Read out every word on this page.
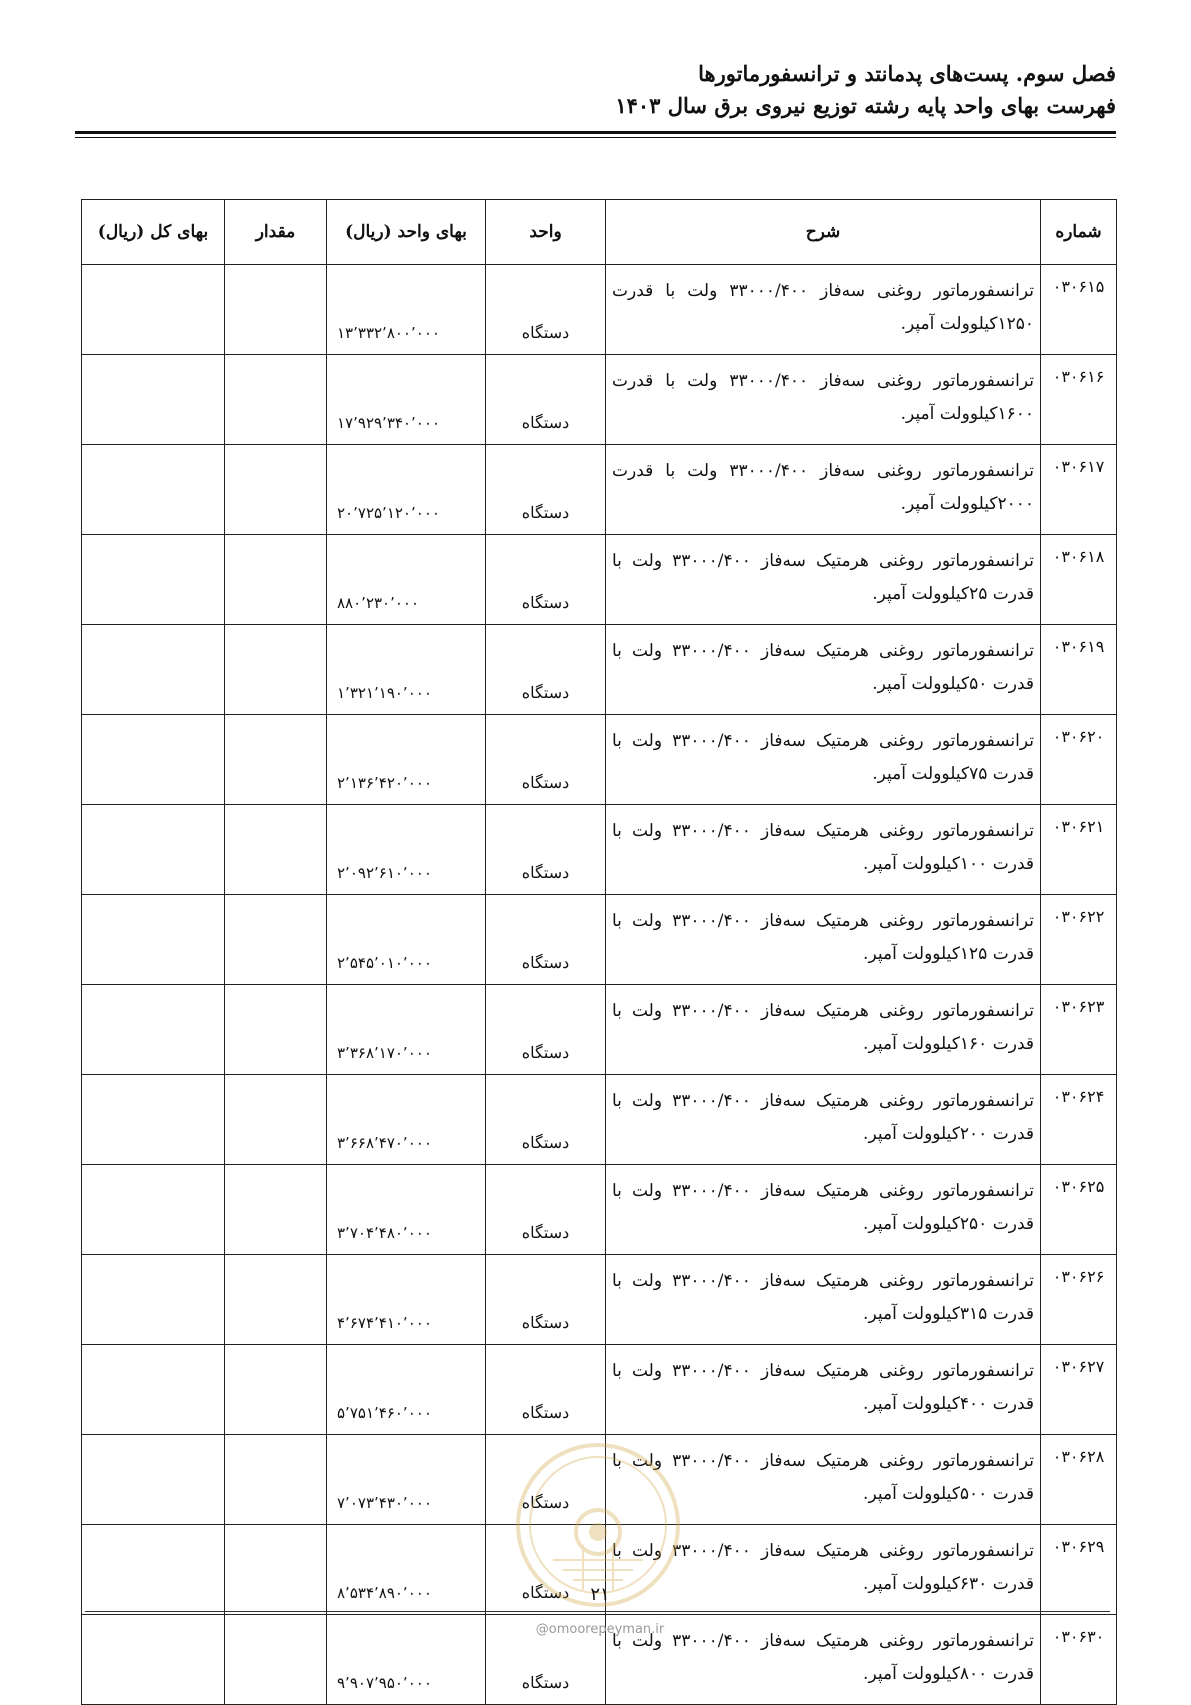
فصل سوم. پست‌های پدمانتد و ترانسفورماتورها
فهرست بهای واحد پایه رشته توزیع نیروی برق سال ۱۴۰۳
شماره	شرح	واحد	بهای واحد (ریال)	مقدار	بهای کل (ریال)
۰۳۰۶۱۵	ترانسفورماتور روغنی سه‌فاز ۳۳۰۰۰/۴۰۰ ولت با قدرت ۱۲۵۰کیلوولت آمپر.	دستگاه	۱۳٬۳۳۲٬۸۰۰٬۰۰۰		
۰۳۰۶۱۶	ترانسفورماتور روغنی سه‌فاز ۳۳۰۰۰/۴۰۰ ولت با قدرت ۱۶۰۰کیلوولت آمپر.	دستگاه	۱۷٬۹۲۹٬۳۴۰٬۰۰۰		
۰۳۰۶۱۷	ترانسفورماتور روغنی سه‌فاز ۳۳۰۰۰/۴۰۰ ولت با قدرت ۲۰۰۰کیلوولت آمپر.	دستگاه	۲۰٬۷۲۵٬۱۲۰٬۰۰۰		
۰۳۰۶۱۸	ترانسفورماتور روغنی هرمتیک سه‌فاز ۳۳۰۰۰/۴۰۰ ولت با قدرت ۲۵کیلوولت آمپر.	دستگاه	۸۸۰٬۲۳۰٬۰۰۰		
۰۳۰۶۱۹	ترانسفورماتور روغنی هرمتیک سه‌فاز ۳۳۰۰۰/۴۰۰ ولت با قدرت ۵۰کیلوولت آمپر.	دستگاه	۱٬۳۲۱٬۱۹۰٬۰۰۰		
۰۳۰۶۲۰	ترانسفورماتور روغنی هرمتیک سه‌فاز ۳۳۰۰۰/۴۰۰ ولت با قدرت ۷۵کیلوولت آمپر.	دستگاه	۲٬۱۳۶٬۴۲۰٬۰۰۰		
۰۳۰۶۲۱	ترانسفورماتور روغنی هرمتیک سه‌فاز ۳۳۰۰۰/۴۰۰ ولت با قدرت ۱۰۰کیلوولت آمپر.	دستگاه	۲٬۰۹۲٬۶۱۰٬۰۰۰		
۰۳۰۶۲۲	ترانسفورماتور روغنی هرمتیک سه‌فاز ۳۳۰۰۰/۴۰۰ ولت با قدرت ۱۲۵کیلوولت آمپر.	دستگاه	۲٬۵۴۵٬۰۱۰٬۰۰۰		
۰۳۰۶۲۳	ترانسفورماتور روغنی هرمتیک سه‌فاز ۳۳۰۰۰/۴۰۰ ولت با قدرت ۱۶۰کیلوولت آمپر.	دستگاه	۳٬۳۶۸٬۱۷۰٬۰۰۰		
۰۳۰۶۲۴	ترانسفورماتور روغنی هرمتیک سه‌فاز ۳۳۰۰۰/۴۰۰ ولت با قدرت ۲۰۰کیلوولت آمپر.	دستگاه	۳٬۶۶۸٬۴۷۰٬۰۰۰		
۰۳۰۶۲۵	ترانسفورماتور روغنی هرمتیک سه‌فاز ۳۳۰۰۰/۴۰۰ ولت با قدرت ۲۵۰کیلوولت آمپر.	دستگاه	۳٬۷۰۴٬۴۸۰٬۰۰۰		
۰۳۰۶۲۶	ترانسفورماتور روغنی هرمتیک سه‌فاز ۳۳۰۰۰/۴۰۰ ولت با قدرت ۳۱۵کیلوولت آمپر.	دستگاه	۴٬۶۷۴٬۴۱۰٬۰۰۰		
۰۳۰۶۲۷	ترانسفورماتور روغنی هرمتیک سه‌فاز ۳۳۰۰۰/۴۰۰ ولت با قدرت ۴۰۰کیلوولت آمپر.	دستگاه	۵٬۷۵۱٬۴۶۰٬۰۰۰		
۰۳۰۶۲۸	ترانسفورماتور روغنی هرمتیک سه‌فاز ۳۳۰۰۰/۴۰۰ ولت با قدرت ۵۰۰کیلوولت آمپر.	دستگاه	۷٬۰۷۳٬۴۳۰٬۰۰۰		
۰۳۰۶۲۹	ترانسفورماتور روغنی هرمتیک سه‌فاز ۳۳۰۰۰/۴۰۰ ولت با قدرت ۶۳۰کیلوولت آمپر.	دستگاه	۸٬۵۳۴٬۸۹۰٬۰۰۰		
۰۳۰۶۳۰	ترانسفورماتور روغنی هرمتیک سه‌فاز ۳۳۰۰۰/۴۰۰ ولت با قدرت ۸۰۰کیلوولت آمپر.	دستگاه	۹٬۹۰۷٬۹۵۰٬۰۰۰		
۲۱
@omoorepeyman.ir
